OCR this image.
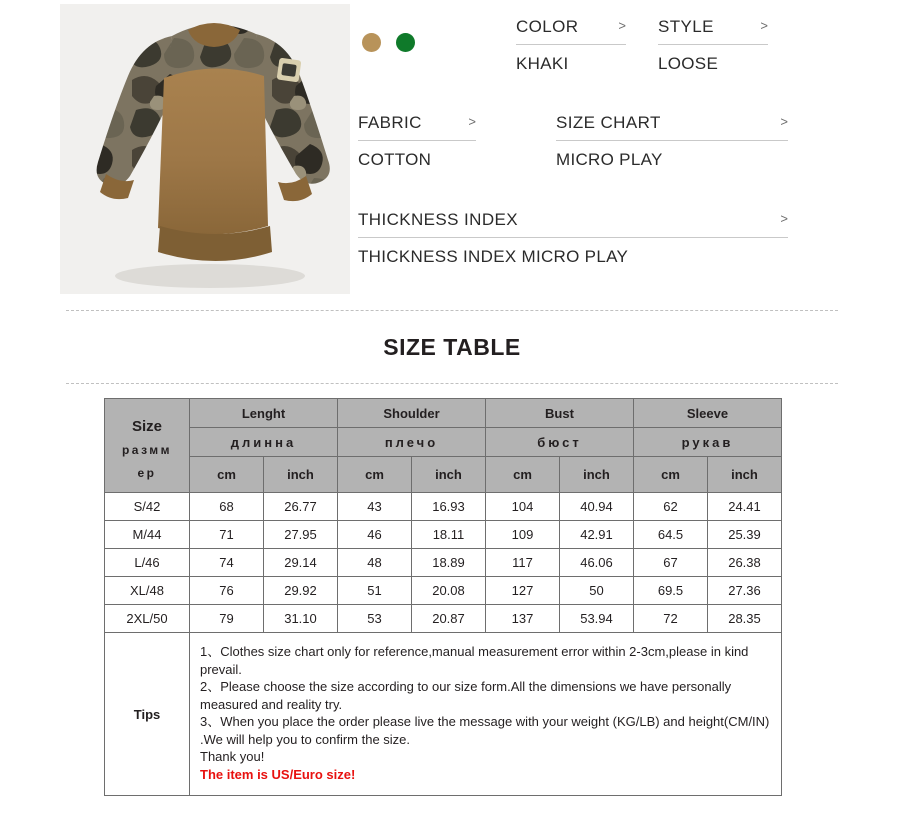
COLOR	>
KHAKI
STYLE	>
LOOSE
FABRIC	>
COTTON
SIZE CHART	>
MICRO PLAY
THICKNESS INDEX	>
THICKNESS INDEX MICRO PLAY
SIZE TABLE
Size
размм
ер	Lenght		Shoulder		Bust		Sleeve	
	длинна		плечо		бюст		рукав	
	cm	inch	cm	inch	cm	inch	cm	inch
S/42	68	26.77	43	16.93	104	40.94	62	24.41
M/44	71	27.95	46	18.11	109	42.91	64.5	25.39
L/46	74	29.14	48	18.89	117	46.06	67	26.38
XL/48	76	29.92	51	20.08	127	50	69.5	27.36
2XL/50	79	31.10	53	20.87	137	53.94	72	28.35
Tips	1、Clothes size chart only for reference,manual measurement error within 2-3cm,please in kind prevail.
2、Please choose the size according to our size form.All the dimensions we have personally measured and reality try.
3、When you place the order please live the message with your weight (KG/LB) and height(CM/IN) .We will help you to confirm the size.
Thank you!
The item is US/Euro size!							
